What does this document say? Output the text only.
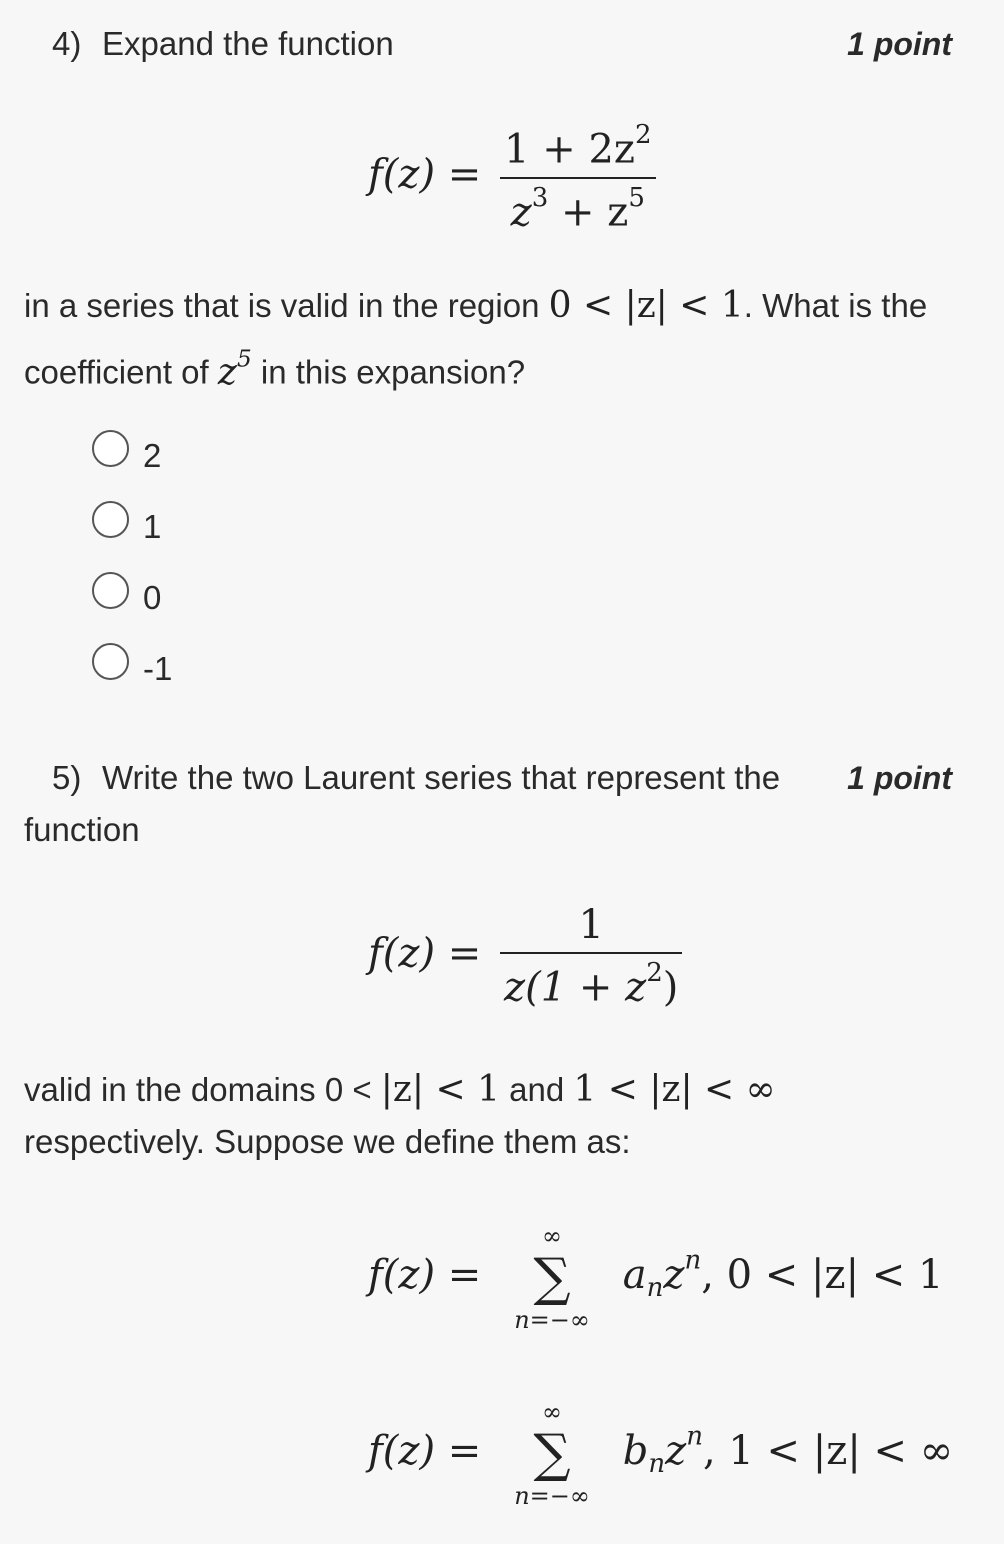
4) Expand the function	1 point
$f(z) = \frac{1 + 2z^2}{z^3 + z^5}$
in a series that is valid in the region 0 < |z| < 1. What is the coefficient of $z^5$ in this expansion?
2
1
0
-1
5) Write the two Laurent series that represent the	1 point
function
$f(z) = \frac{1}{z(1 + z^2)}$
valid in the domains 0 < |z| < 1 and 1 < |z| < ∞
respectively. Suppose we define them as:
f(z) =
∞
∑
n=−∞
$a_nz^n$, 0 < |z| < 1
f(z) =
∞
∑
n=−∞
$b_nz^n$, 1 < |z| < ∞
